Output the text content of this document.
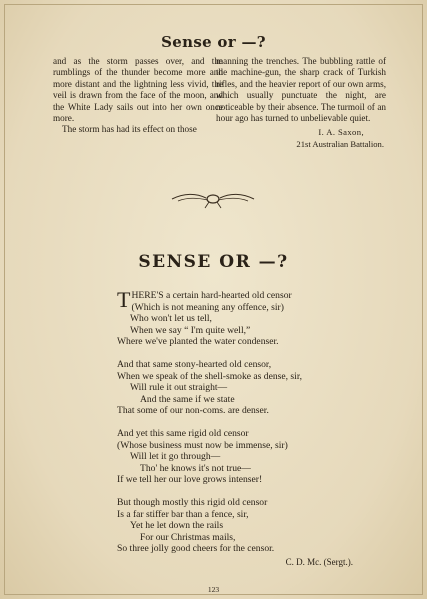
Sense or —?

and as the storm passes over, and the rumblings of the thunder become more and more distant and the lightning less vivid, the veil is drawn from the face of the moon, and the White Lady sails out into her own once more.

The storm has had its effect on those

manning the trenches. The bubbling rattle of the machine-gun, the sharp crack of Turkish rifles, and the heavier report of our own arms, which usually punctuate the night, are noticeable by their absence. The turmoil of an hour ago has turned to unbelievable quiet.

I. A. Saxon,
21st Australian Battalion.
SENSE OR —?
T HERE'S a certain hard-hearted old censor
(Which is not meaning any offence, sir)
Who won't let us tell,
When we say “ I'm quite well,”
Where we've planted the water condenser.
And that same stony-hearted old censor,
When we speak of the shell-smoke as dense, sir,
Will rule it out straight—
And the same if we state
That some of our non-coms. are denser.
And yet this same rigid old censor
(Whose business must now be immense, sir)
Will let it go through—
Tho' he knows it's not true—
If we tell her our love grows intenser!
But though mostly this rigid old censor
Is a far stiffer bar than a fence, sir,
Yet he let down the rails
For our Christmas mails,
So three jolly good cheers for the censor.
C. D. Mc. (Sergt.).
123
